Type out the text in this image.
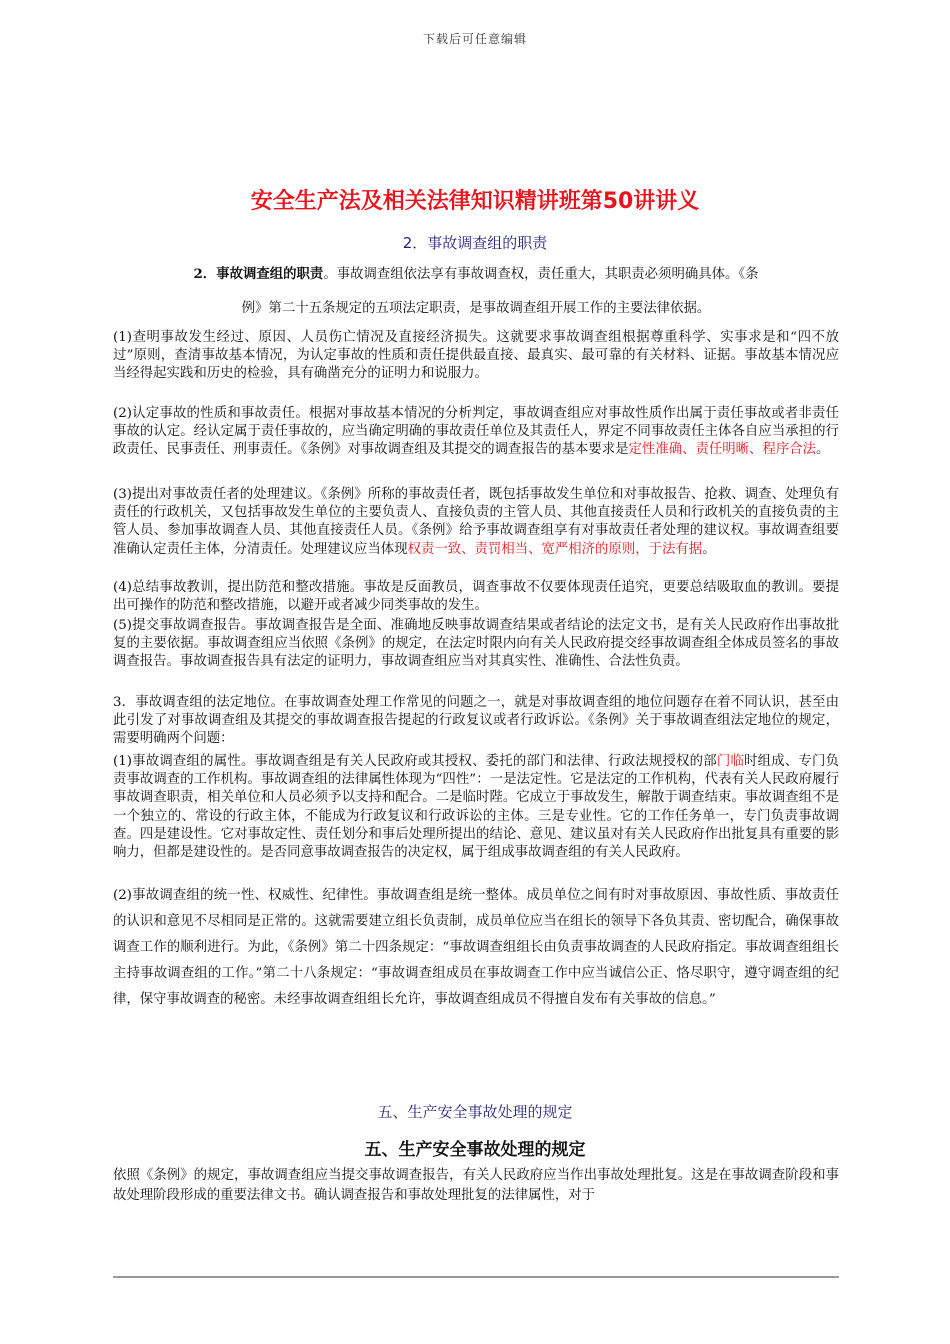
下载后可任意编辑
安全生产法及相关法律知识精讲班第50讲讲义
2．事故调查组的职责
2．事故调查组的职责。事故调查组依法享有事故调查权，责任重大，其职责必须明确具体。《条
例》第二十五条规定的五项法定职责，是事故调查组开展工作的主要法律依据。
(1)查明事故发生经过、原因、人员伤亡情况及直接经济损失。这就要求事故调查组根据尊重科学、实事求是和“四不放过”原则，查清事故基本情况，为认定事故的性质和责任提供最直接、最真实、最可靠的有关材料、证据。事故基本情况应当经得起实践和历史的检验，具有确凿充分的证明力和说服力。
(2)认定事故的性质和事故责任。根据对事故基本情况的分析判定，事故调查组应对事故性质作出属于责任事故或者非责任事故的认定。经认定属于责任事故的，应当确定明确的事故责任单位及其责任人，界定不同事故责任主体各自应当承担的行政责任、民事责任、刑事责任。《条例》对事故调查组及其提交的调查报告的基本要求是定性准确、责任明晰、程序合法。
(3)提出对事故责任者的处理建议。《条例》所称的事故责任者，既包括事故发生单位和对事故报告、抢救、调查、处理负有责任的行政机关，又包括事故发生单位的主要负责人、直接负责的主管人员、其他直接责任人员和行政机关的直接负责的主管人员、参加事故调查人员、其他直接责任人员。《条例》给予事故调查组享有对事故责任者处理的建议权。事故调查组要准确认定责任主体，分清责任。处理建议应当体现权责一致、责罚相当、宽严相济的原则，于法有据。
(4)总结事故教训，提出防范和整改措施。事故是反面教员，调查事故不仅要体现责任追究，更要总结吸取血的教训。要提出可操作的防范和整改措施，以避开或者减少同类事故的发生。
(5)提交事故调查报告。事故调查报告是全面、准确地反映事故调查结果或者结论的法定文书，是有关人民政府作出事故批复的主要依据。事故调查组应当依照《条例》的规定，在法定时限内向有关人民政府提交经事故调查组全体成员签名的事故调查报告。事故调查报告具有法定的证明力，事故调查组应当对其真实性、准确性、合法性负责。
3．事故调查组的法定地位。在事故调查处理工作常见的问题之一，就是对事故调查组的地位问题存在着不同认识，甚至由此引发了对事故调查组及其提交的事故调查报告提起的行政复议或者行政诉讼。《条例》关于事故调查组法定地位的规定，需要明确两个问题：
(1)事故调查组的属性。事故调查组是有关人民政府或其授权、委托的部门和法律、行政法规授权的部门临时组成、专门负责事故调查的工作机构。事故调查组的法律属性体现为“四性”：一是法定性。它是法定的工作机构，代表有关人民政府履行事故调查职责，相关单位和人员必须予以支持和配合。二是临时陛。它成立于事故发生，解散于调查结束。事故调查组不是一个独立的、常设的行政主体，不能成为行政复议和行政诉讼的主体。三是专业性。它的工作任务单一，专门负责事故调查。四是建设性。它对事故定性、责任划分和事后处理所提出的结论、意见、建议虽对有关人民政府作出批复具有重要的影响力，但都是建设性的。是否同意事故调查报告的决定权，属于组成事故调查组的有关人民政府。
(2)事故调查组的统一性、权威性、纪律性。事故调查组是统一整体。成员单位之间有时对事故原因、事故性质、事故责任的认识和意见不尽相同是正常的。这就需要建立组长负责制，成员单位应当在组长的领导下各负其责、密切配合，确保事故调查工作的顺利进行。为此，《条例》第二十四条规定：“事故调查组组长由负责事故调查的人民政府指定。事故调查组组长主持事故调查组的工作。”第二十八条规定：“事故调查组成员在事故调查工作中应当诚信公正、恪尽职守，遵守调查组的纪律，保守事故调查的秘密。未经事故调查组组长允许，事故调查组成员不得擅自发布有关事故的信息。”
五、生产安全事故处理的规定
五、生产安全事故处理的规定
依照《条例》的规定，事故调查组应当提交事故调查报告，有关人民政府应当作出事故处理批复。这是在事故调查阶段和事故处理阶段形成的重要法律文书。确认调查报告和事故处理批复的法律属性，对于
